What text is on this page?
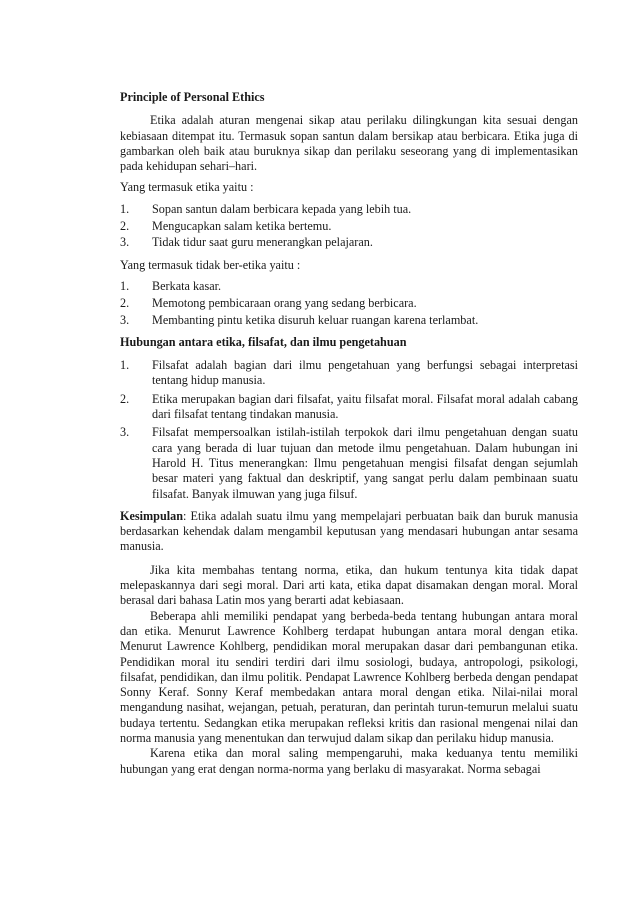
Principle of Personal Ethics

Etika adalah aturan mengenai sikap atau perilaku dilingkungan kita sesuai dengan kebiasaan ditempat itu. Termasuk sopan santun dalam bersikap atau berbicara. Etika juga di gambarkan oleh baik atau buruknya sikap dan perilaku seseorang yang di implementasikan pada kehidupan sehari–hari.

Yang termasuk etika yaitu :

1.	Sopan santun dalam berbicara kepada yang lebih tua.
2.	Mengucapkan salam ketika bertemu.
3.	Tidak tidur saat guru menerangkan pelajaran.

Yang termasuk tidak ber-etika yaitu :

1.	Berkata kasar.
2.	Memotong pembicaraan orang yang sedang berbicara.
3.	Membanting pintu ketika disuruh keluar ruangan karena terlambat.

Hubungan antara etika, filsafat, dan ilmu pengetahuan

1.	Filsafat adalah bagian dari ilmu pengetahuan yang berfungsi sebagai interpretasi tentang hidup manusia.
2.	Etika merupakan bagian dari filsafat, yaitu filsafat moral. Filsafat moral adalah cabang dari filsafat tentang tindakan manusia.
3.	Filsafat mempersoalkan istilah-istilah terpokok dari ilmu pengetahuan dengan suatu cara yang berada di luar tujuan dan metode ilmu pengetahuan. Dalam hubungan ini Harold H. Titus menerangkan: Ilmu pengetahuan mengisi filsafat dengan sejumlah besar materi yang faktual dan deskriptif, yang sangat perlu dalam pembinaan suatu filsafat. Banyak ilmuwan yang juga filsuf.

Kesimpulan: Etika adalah suatu ilmu yang mempelajari perbuatan baik dan buruk manusia berdasarkan kehendak dalam mengambil keputusan yang mendasari hubungan antar sesama manusia.

Jika kita membahas tentang norma, etika, dan hukum tentunya kita tidak dapat melepaskannya dari segi moral. Dari arti kata, etika dapat disamakan dengan moral. Moral berasal dari bahasa Latin mos yang berarti adat kebiasaan.

Beberapa ahli memiliki pendapat yang berbeda-beda tentang hubungan antara moral dan etika. Menurut Lawrence Kohlberg terdapat hubungan antara moral dengan etika. Menurut Lawrence Kohlberg, pendidikan moral merupakan dasar dari pembangunan etika. Pendidikan moral itu sendiri terdiri dari ilmu sosiologi, budaya, antropologi, psikologi, filsafat, pendidikan, dan ilmu politik. Pendapat Lawrence Kohlberg berbeda dengan pendapat Sonny Keraf. Sonny Keraf membedakan antara moral dengan etika. Nilai-nilai moral mengandung nasihat, wejangan, petuah, peraturan, dan perintah turun-temurun melalui suatu budaya tertentu. Sedangkan etika merupakan refleksi kritis dan rasional mengenai nilai dan norma manusia yang menentukan dan terwujud dalam sikap dan perilaku hidup manusia.

Karena etika dan moral saling mempengaruhi, maka keduanya tentu memiliki hubungan yang erat dengan norma-norma yang berlaku di masyarakat. Norma sebagai
